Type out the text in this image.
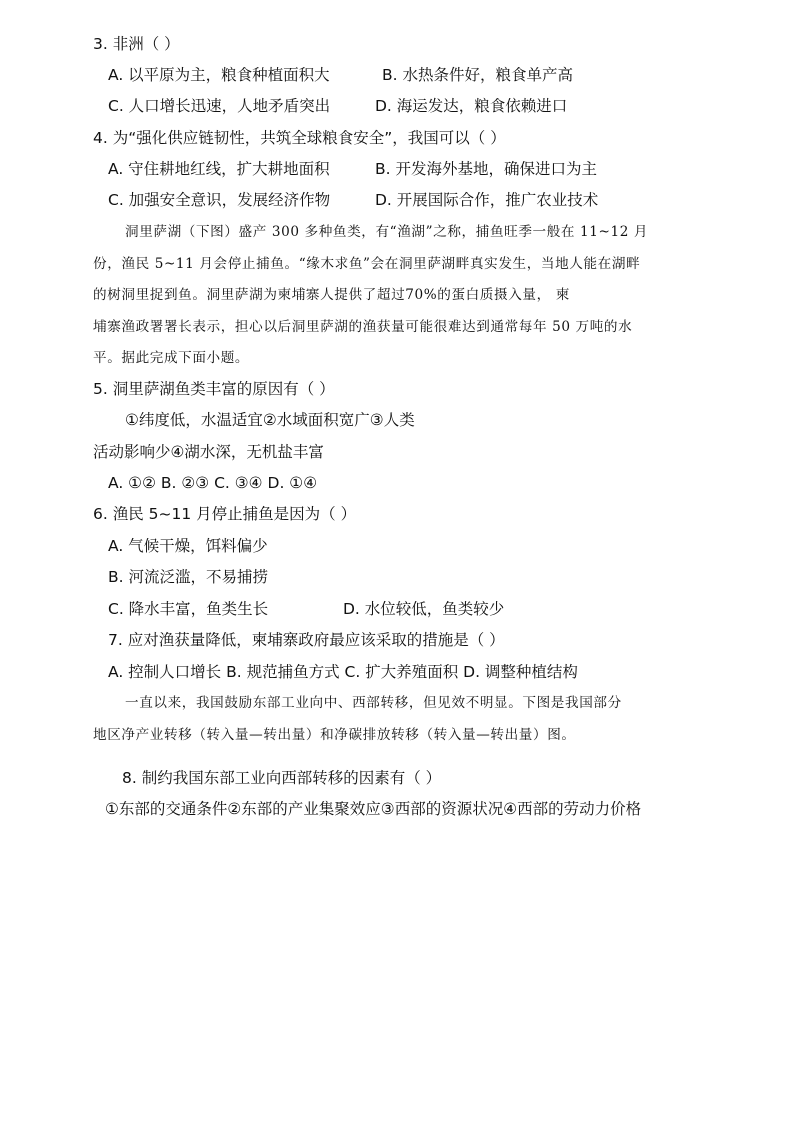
3. 非洲（ ）
A. 以平原为主，粮食种植面积大	B. 水热条件好，粮食单产高
C. 人口增长迅速，人地矛盾突出	D. 海运发达，粮食依赖进口
4. 为“强化供应链韧性，共筑全球粮食安全”，我国可以（ ）
A. 守住耕地红线，扩大耕地面积	B. 开发海外基地，确保进口为主
C. 加强安全意识，发展经济作物	D. 开展国际合作，推广农业技术
洞里萨湖（下图）盛产 300 多种鱼类，有“渔湖”之称，捕鱼旺季一般在 11~12 月
份，渔民 5~11 月会停止捕鱼。“缘木求鱼”会在洞里萨湖畔真实发生，当地人能在湖畔
的树洞里捉到鱼。洞里萨湖为柬埔寨人提供了超过70%的蛋白质摄入量， 柬
埔寨渔政署署长表示，担心以后洞里萨湖的渔获量可能很难达到通常每年 50 万吨的水
平。据此完成下面小题。
5. 洞里萨湖鱼类丰富的原因有（ ）
①纬度低，水温适宜②水域面积宽广③人类
活动影响少④湖水深，无机盐丰富
A. ①② B. ②③ C. ③④ D. ①④
6. 渔民 5~11 月停止捕鱼是因为（ ）
A. 气候干燥，饵料偏少
B. 河流泛滥，不易捕捞
C. 降水丰富，鱼类生长	D. 水位较低，鱼类较少
7. 应对渔获量降低，柬埔寨政府最应该采取的措施是（ ）
A. 控制人口增长 B. 规范捕鱼方式 C. 扩大养殖面积 D. 调整种植结构
一直以来，我国鼓励东部工业向中、西部转移，但见效不明显。下图是我国部分
地区净产业转移（转入量—转出量）和净碳排放转移（转入量—转出量）图。
8. 制约我国东部工业向西部转移的因素有（ ）
①东部的交通条件②东部的产业集聚效应③西部的资源状况④西部的劳动力价格
